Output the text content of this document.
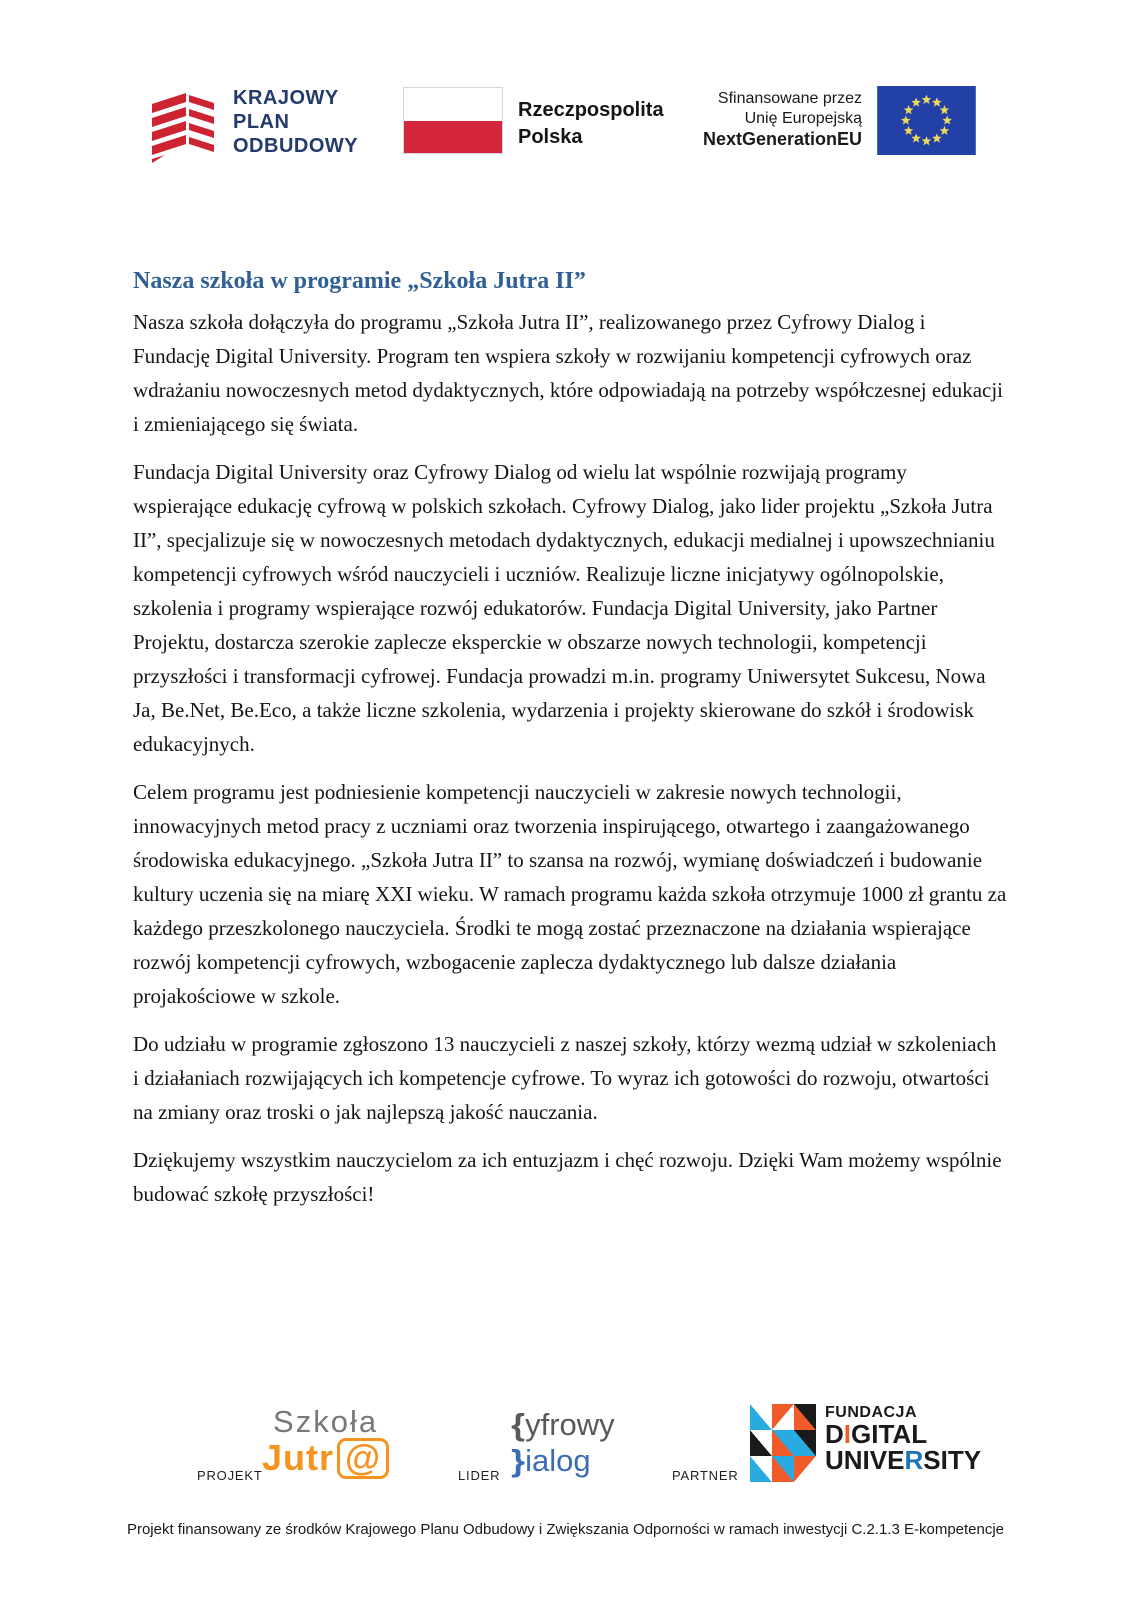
KRAJOWY
PLAN
ODBUDOWY
Rzeczpospolita
Polska
Sfinansowane przez
Unię Europejską
NextGenerationEU
Nasza szkoła w programie „Szkoła Jutra II”

Nasza szkoła dołączyła do programu „Szkoła Jutra II”, realizowanego przez Cyfrowy Dialog i Fundację Digital University. Program ten wspiera szkoły w rozwijaniu kompetencji cyfrowych oraz wdrażaniu nowoczesnych metod dydaktycznych, które odpowiadają na potrzeby współczesnej edukacji i zmieniającego się świata.

Fundacja Digital University oraz Cyfrowy Dialog od wielu lat wspólnie rozwijają programy wspierające edukację cyfrową w polskich szkołach. Cyfrowy Dialog, jako lider projektu „Szkoła Jutra II”, specjalizuje się w nowoczesnych metodach dydaktycznych, edukacji medialnej i upowszechnianiu kompetencji cyfrowych wśród nauczycieli i uczniów. Realizuje liczne inicjatywy ogólnopolskie, szkolenia i programy wspierające rozwój edukatorów. Fundacja Digital University, jako Partner Projektu, dostarcza szerokie zaplecze eksperckie w obszarze nowych technologii, kompetencji przyszłości i transformacji cyfrowej. Fundacja prowadzi m.in. programy Uniwersytet Sukcesu, Nowa Ja, Be.Net, Be.Eco, a także liczne szkolenia, wydarzenia i projekty skierowane do szkół i środowisk edukacyjnych.

Celem programu jest podniesienie kompetencji nauczycieli w zakresie nowych technologii, innowacyjnych metod pracy z uczniami oraz tworzenia inspirującego, otwartego i zaangażowanego środowiska edukacyjnego. „Szkoła Jutra II” to szansa na rozwój, wymianę doświadczeń i budowanie kultury uczenia się na miarę XXI wieku. W ramach programu każda szkoła otrzymuje 1000 zł grantu za każdego przeszkolonego nauczyciela. Środki te mogą zostać przeznaczone na działania wspierające rozwój kompetencji cyfrowych, wzbogacenie zaplecza dydaktycznego lub dalsze działania projakościowe w szkole.

Do udziału w programie zgłoszono 13 nauczycieli z naszej szkoły, którzy wezmą udział w szkoleniach i działaniach rozwijających ich kompetencje cyfrowe. To wyraz ich gotowości do rozwoju, otwartości na zmiany oraz troski o jak najlepszą jakość nauczania.

Dziękujemy wszystkim nauczycielom za ich entuzjazm i chęć rozwoju. Dzięki Wam możemy wspólnie budować szkołę przyszłości!

PROJEKT
Szkoła
Jutr @	LIDER
{yfrowy
}ialog	PARTNER
FUNDACJA
DIGITAL
UNIVERSITY
Projekt finansowany ze środków Krajowego Planu Odbudowy i Zwiększania Odporności w ramach inwestycji C.2.1.3 E-kompetencje
